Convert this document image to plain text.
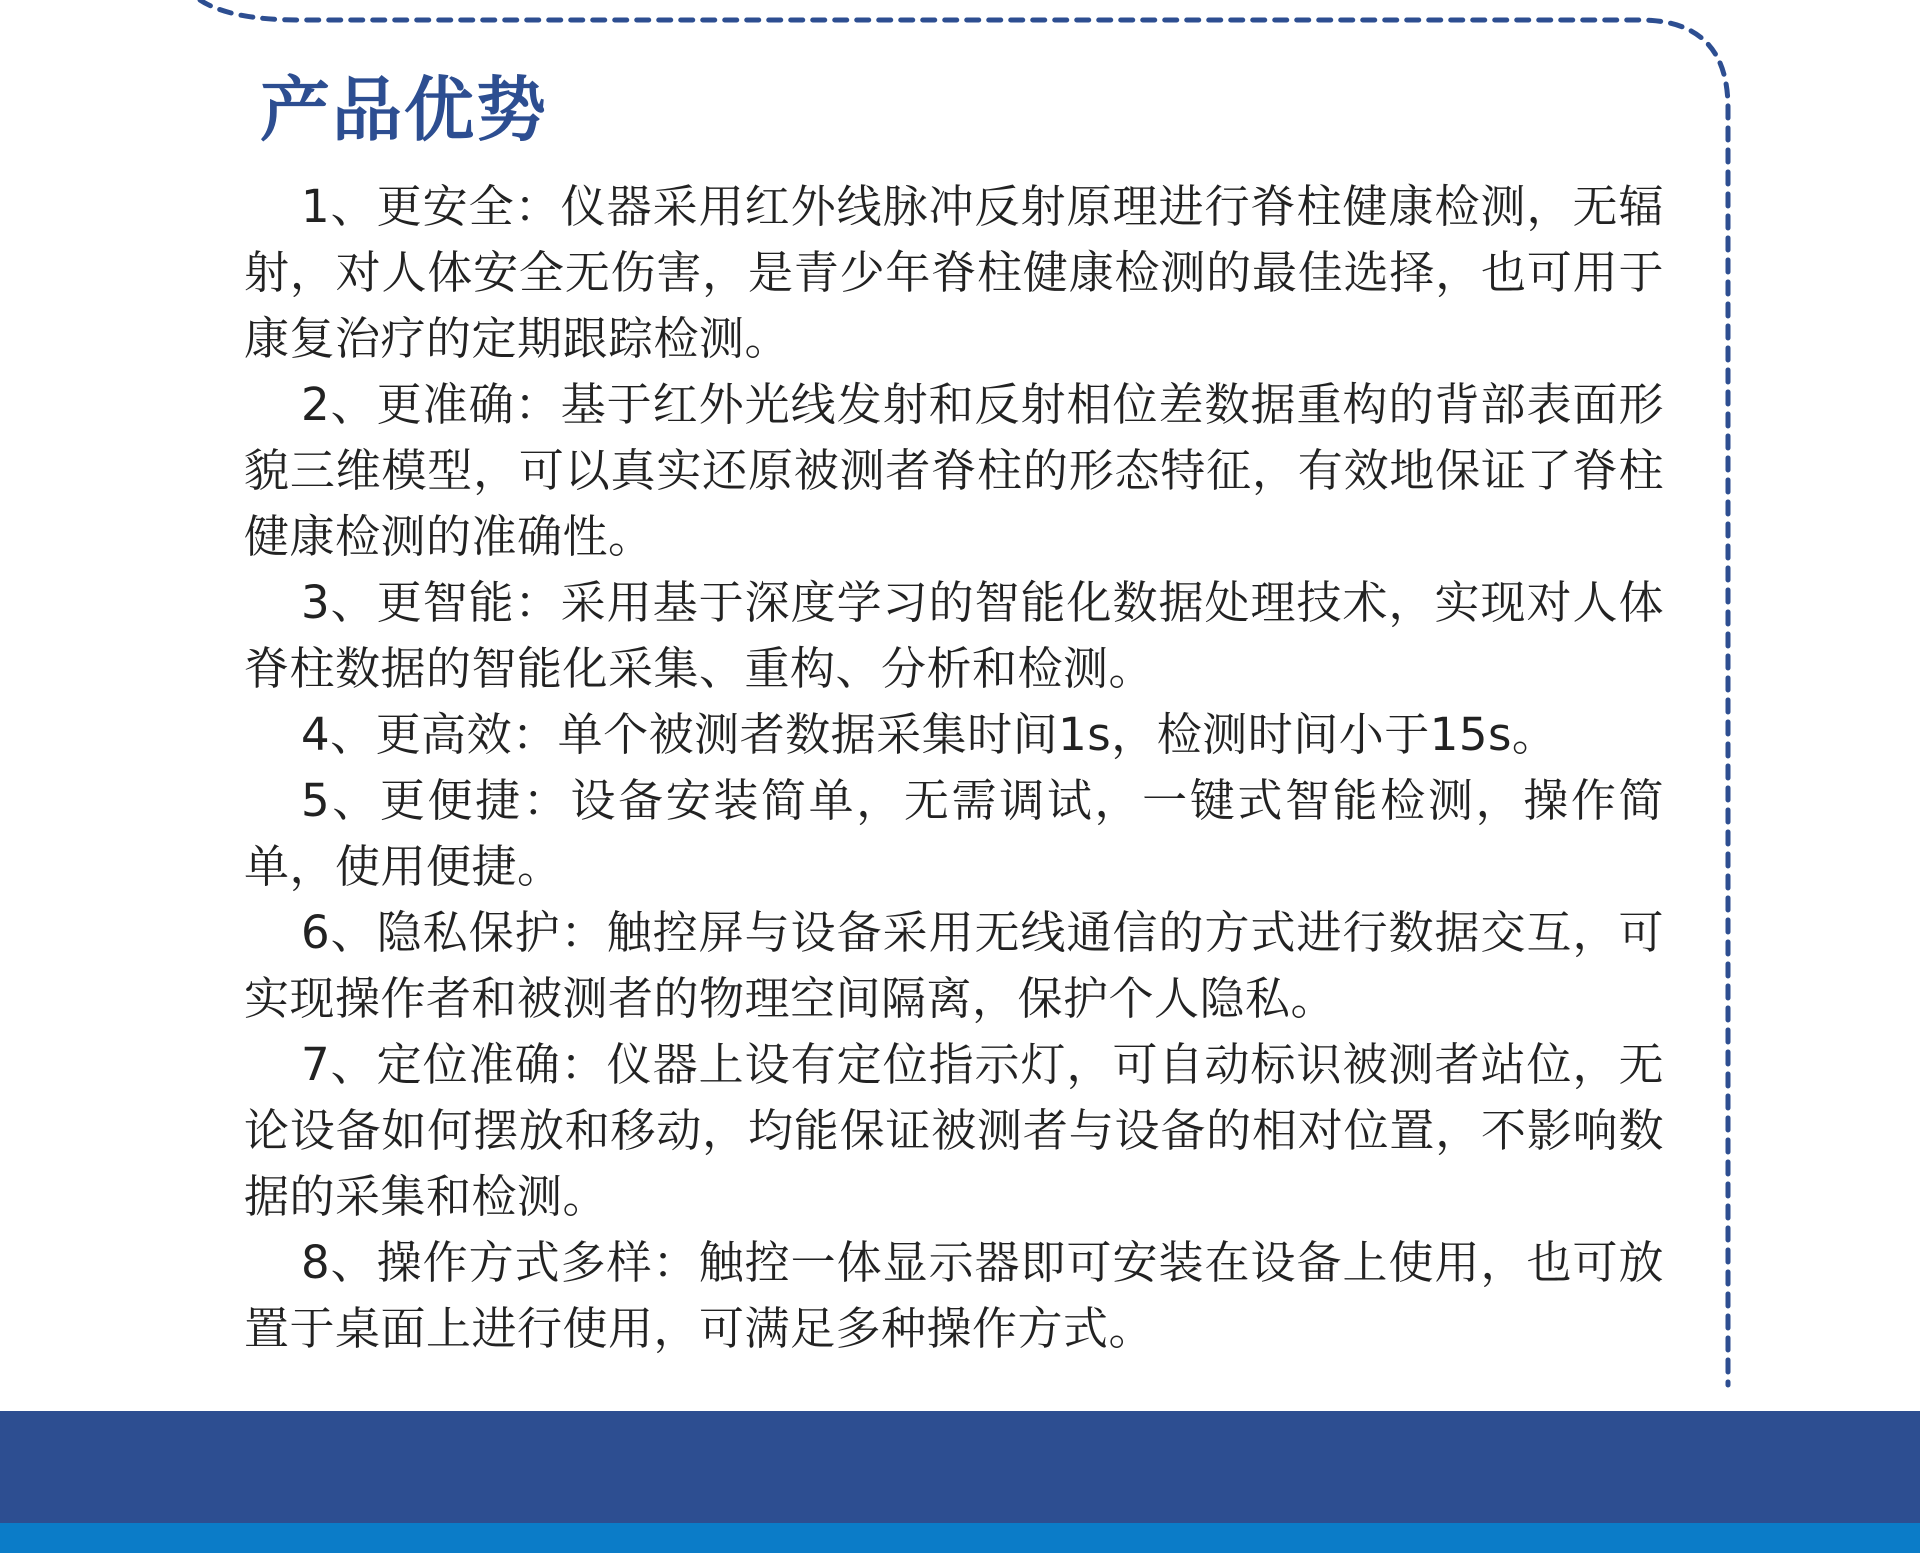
产品优势
1、更安全：仪器采用红外线脉冲反射原理进行脊柱健康检测，无辐射，对人体安全无伤害，是青少年脊柱健康检测的最佳选择，也可用于康复治疗的定期跟踪检测。
2、更准确：基于红外光线发射和反射相位差数据重构的背部表面形貌三维模型，可以真实还原被测者脊柱的形态特征，有效地保证了脊柱健康检测的准确性。
3、更智能：采用基于深度学习的智能化数据处理技术，实现对人体脊柱数据的智能化采集、重构、分析和检测。
4、更高效：单个被测者数据采集时间1s，检测时间小于15s。
5、更便捷：设备安装简单，无需调试，一键式智能检测，操作简单，使用便捷。
6、隐私保护：触控屏与设备采用无线通信的方式进行数据交互，可实现操作者和被测者的物理空间隔离，保护个人隐私。
7、定位准确：仪器上设有定位指示灯，可自动标识被测者站位，无论设备如何摆放和移动，均能保证被测者与设备的相对位置，不影响数据的采集和检测。
8、操作方式多样：触控一体显示器即可安装在设备上使用，也可放置于桌面上进行使用，可满足多种操作方式。
